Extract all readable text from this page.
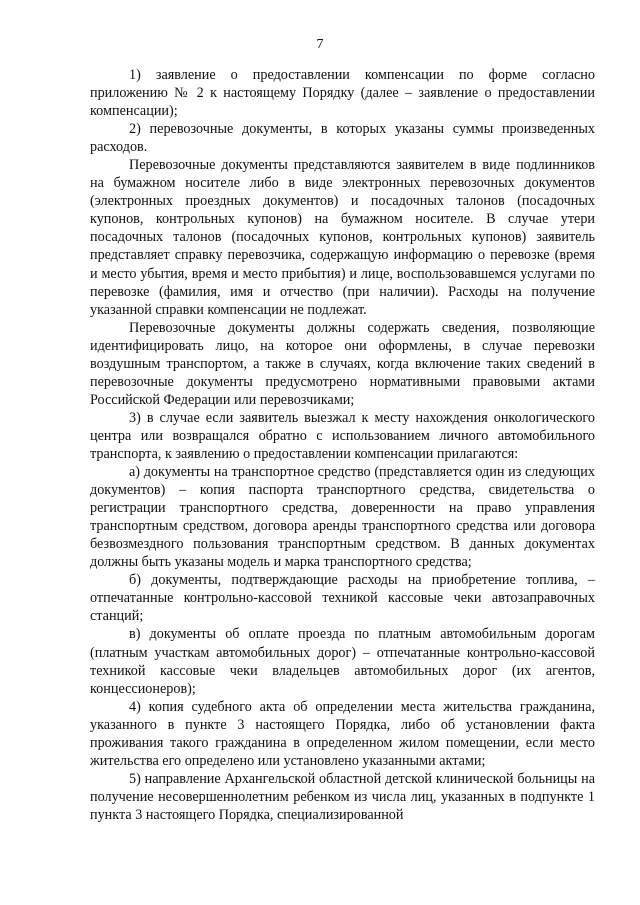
7

1) заявление о предоставлении компенсации по форме согласно приложению № 2 к настоящему Порядку (далее – заявление о предоставлении компенсации);

2) перевозочные документы, в которых указаны суммы произведенных расходов.

Перевозочные документы представляются заявителем в виде подлинников на бумажном носителе либо в виде электронных перевозочных документов (электронных проездных документов) и посадочных талонов (посадочных купонов, контрольных купонов) на бумажном носителе. В случае утери посадочных талонов (посадочных купонов, контрольных купонов) заявитель представляет справку перевозчика, содержащую информацию о перевозке (время и место убытия, время и место прибытия) и лице, воспользовавшемся услугами по перевозке (фамилия, имя и отчество (при наличии). Расходы на получение указанной справки компенсации не подлежат.

Перевозочные документы должны содержать сведения, позволяющие идентифицировать лицо, на которое они оформлены, в случае перевозки воздушным транспортом, а также в случаях, когда включение таких сведений в перевозочные документы предусмотрено нормативными правовыми актами Российской Федерации или перевозчиками;

3) в случае если заявитель выезжал к месту нахождения онкологического центра или возвращался обратно с использованием личного автомобильного транспорта, к заявлению о предоставлении компенсации прилагаются:

а) документы на транспортное средство (представляется один из следующих документов) – копия паспорта транспортного средства, свидетельства о регистрации транспортного средства, доверенности на право управления транспортным средством, договора аренды транспортного средства или договора безвозмездного пользования транспортным средством. В данных документах должны быть указаны модель и марка транспортного средства;

б) документы, подтверждающие расходы на приобретение топлива, – отпечатанные контрольно-кассовой техникой кассовые чеки автозаправочных станций;

в) документы об оплате проезда по платным автомобильным дорогам (платным участкам автомобильных дорог) – отпечатанные контрольно-кассовой техникой кассовые чеки владельцев автомобильных дорог (их агентов, концессионеров);

4) копия судебного акта об определении места жительства гражданина, указанного в пункте 3 настоящего Порядка, либо об установлении факта проживания такого гражданина в определенном жилом помещении, если место жительства его определено или установлено указанными актами;

5) направление Архангельской областной детской клинической больницы на получение несовершеннолетним ребенком из числа лиц, указанных в подпункте 1 пункта 3 настоящего Порядка, специализированной
